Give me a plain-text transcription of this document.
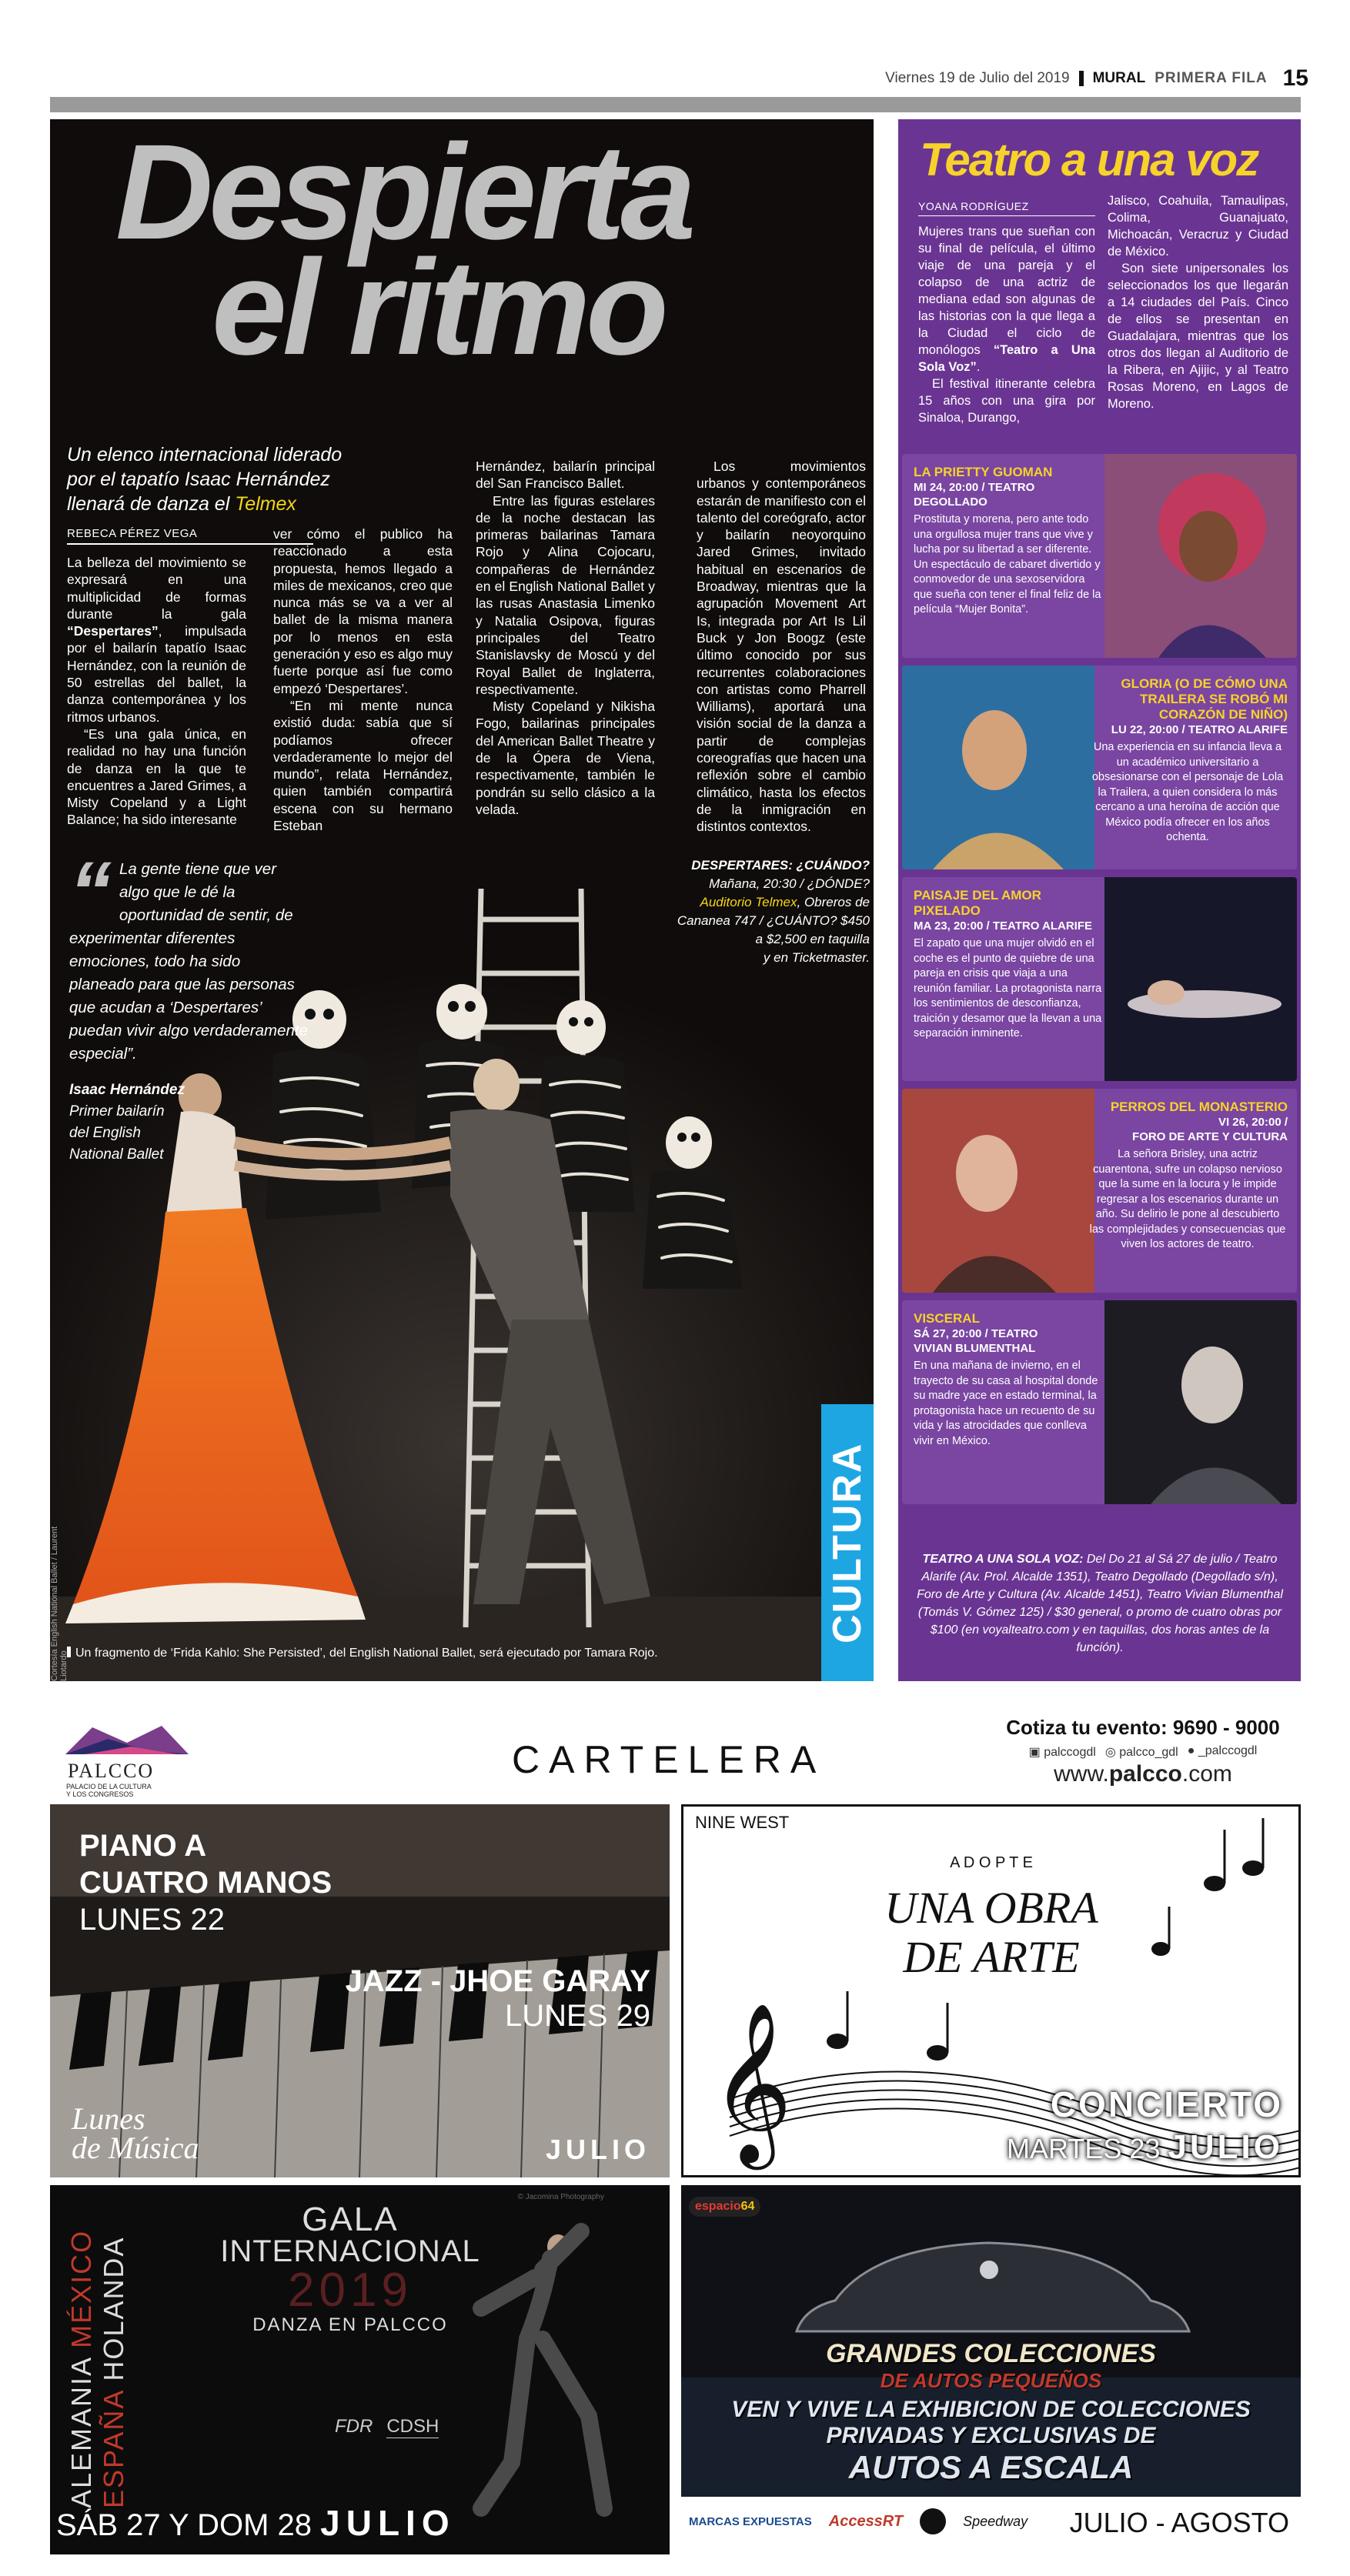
Viernes 19 de Julio del 2019 MURAL PRIMERA FILA 15
Despierta
el ritmo
Un elenco internacional liderado
por el tapatío Isaac Hernández
llenará de danza el Telmex
REBECA PÉREZ VEGA

La belleza del movimiento se expresará en una multiplicidad de formas durante la gala “Despertares”, impulsada por el bailarín tapatío Isaac Hernández, con la reunión de 50 estrellas del ballet, la danza contemporánea y los ritmos urbanos.

“Es una gala única, en realidad no hay una función de danza en la que te encuentres a Jared Grimes, a Misty Copeland y a Light Balance; ha sido interesante

ver cómo el publico ha reaccionado a esta propuesta, hemos llegado a miles de mexicanos, creo que nunca más se va a ver al ballet de la misma manera por lo menos en esta generación y eso es algo muy fuerte porque así fue como empezó ‘Despertares’.

“En mi mente nunca existió duda: sabía que sí podíamos ofrecer verdaderamente lo mejor del mundo”, relata Hernández, quien también compartirá escena con su hermano Esteban

Hernández, bailarín principal del San Francisco Ballet.

Entre las figuras estelares de la noche destacan las primeras bailarinas Tamara Rojo y Alina Cojocaru, compañeras de Hernández en el English National Ballet y las rusas Anastasia Limenko y Natalia Osipova, figuras principales del Teatro Stanislavsky de Moscú y del Royal Ballet de Inglaterra, respectivamente.

Misty Copeland y Nikisha Fogo, bailarinas principales del American Ballet Theatre y de la Ópera de Viena, respectivamente, también le pondrán su sello clásico a la velada.

Los movimientos urbanos y contemporáneos estarán de manifiesto con el talento del coreógrafo, actor y bailarín neoyorquino Jared Grimes, invitado habitual en escenarios de Broadway, mientras que la agrupación Movement Art Is, integrada por Art Is Lil Buck y Jon Boogz (este último conocido por sus recurrentes colaboraciones con artistas como Pharrell Williams), aportará una visión social de la danza a partir de complejas coreografías que hacen una reflexión sobre el cambio climático, hasta los efectos de la inmigración en distintos contextos.

“ La gente tiene que ver algo que le dé la oportunidad de sentir, de experimentar diferentes emociones, todo ha sido planeado para que las personas que acudan a ‘Despertares’ puedan vivir algo verdaderamente especial”.
Isaac Hernández
Primer bailarín
del English
National Ballet
DESPERTARES: ¿CUÁNDO?
Mañana, 20:30 / ¿DÓNDE?
Auditorio Telmex, Obreros de
Cananea 747 / ¿CUÁNTO? $450
a $2,500 en taquilla
y en Ticketmaster.
Cortesía English National Ballet / Laurent Liotardo
CULTURA
Un fragmento de ‘Frida Kahlo: She Persisted’, del English National Ballet, será ejecutado por Tamara Rojo.
Teatro a una voz
YOANA RODRÍGUEZ

Mujeres trans que sueñan con su final de película, el último viaje de una pareja y el colapso de una actriz de mediana edad son algunas de las historias con la que llega a la Ciudad el ciclo de monólogos “Teatro a Una Sola Voz”.

El festival itinerante celebra 15 años con una gira por Sinaloa, Durango,

Jalisco, Coahuila, Tamaulipas, Colima, Guanajuato, Michoacán, Veracruz y Ciudad de México.

Son siete unipersonales los seleccionados los que llegarán a 14 ciudades del País. Cinco de ellos se presentan en Guadalajara, mientras que los otros dos llegan al Auditorio de la Ribera, en Ajijic, y al Teatro Rosas Moreno, en Lagos de Moreno.

LA PRIETTY GUOMAN
MI 24, 20:00 / TEATRO
DEGOLLADO
Prostituta y morena, pero ante todo una orgullosa mujer trans que vive y lucha por su libertad a ser diferente. Un espectáculo de cabaret divertido y conmovedor de una sexoservidora que sueña con tener el final feliz de la película “Mujer Bonita”.
GLORIA (O DE CÓMO UNA TRAILERA SE ROBÓ MI CORAZÓN DE NIÑO)
LU 22, 20:00 / TEATRO ALARIFE
Una experiencia en su infancia lleva a un académico universitario a obsesionarse con el personaje de Lola la Trailera, a quien considera lo más cercano a una heroína de acción que México podía ofrecer en los años ochenta.
PAISAJE DEL AMOR PIXELADO
MA 23, 20:00 / TEATRO ALARIFE
El zapato que una mujer olvidó en el coche es el punto de quiebre de una pareja en crisis que viaja a una reunión familiar. La protagonista narra los sentimientos de desconfianza, traición y desamor que la llevan a una separación inminente.
PERROS DEL MONASTERIO
VI 26, 20:00 /
FORO DE ARTE Y CULTURA
La señora Brisley, una actriz cuarentona, sufre un colapso nervioso que la sume en la locura y le impide regresar a los escenarios durante un año. Su delirio le pone al descubierto las complejidades y consecuencias que viven los actores de teatro.
VISCERAL
SÁ 27, 20:00 / TEATRO
VIVIAN BLUMENTHAL
En una mañana de invierno, en el trayecto de su casa al hospital donde su madre yace en estado terminal, la protagonista hace un recuento de su vida y las atrocidades que conlleva vivir en México.
TEATRO A UNA SOLA VOZ: Del Do 21 al Sá 27 de julio / Teatro Alarife (Av. Prol. Alcalde 1351), Teatro Degollado (Degollado s/n), Foro de Arte y Cultura (Av. Alcalde 1451), Teatro Vivian Blumenthal (Tomás V. Gómez 125) / $30 general, o promo de cuatro obras por $100 (en voyalteatro.com y en taquillas, dos horas antes de la función).
PALCCO
PALACIO DE LA CULTURA
Y LOS CONGRESOS
CARTELERA
Cotiza tu evento: 9690 - 9000
▣ palccogdl ◎ palcco_gdl ● _palccogdl
www.palcco.com
PIANO A
CUATRO MANOS
LUNES 22
JAZZ - JHOE GARAY
LUNES 29
Lunes
de Música	JULIO 𝄞
NINE WEST
A D O P T E
UNA OBRA
DE ARTE
CONCIERTO
MARTES 23 JULIO
© Jacomina Photography
GALA
INTERNACIONAL
2019
DANZA EN PALCCO
ALEMANIA MÉXICO
ESPAÑA HOLANDA
FDR CDSH
SÁB 27 Y DOM 28 JULIO
espacio64
GRANDES COLECCIONES
DE AUTOS PEQUEÑOS
VEN Y VIVE LA EXHIBICION DE COLECCIONES
PRIVADAS Y EXCLUSIVAS DE
AUTOS A ESCALA
MARCAS EXPUESTAS AccessRT	Speedway JULIO - AGOSTO
